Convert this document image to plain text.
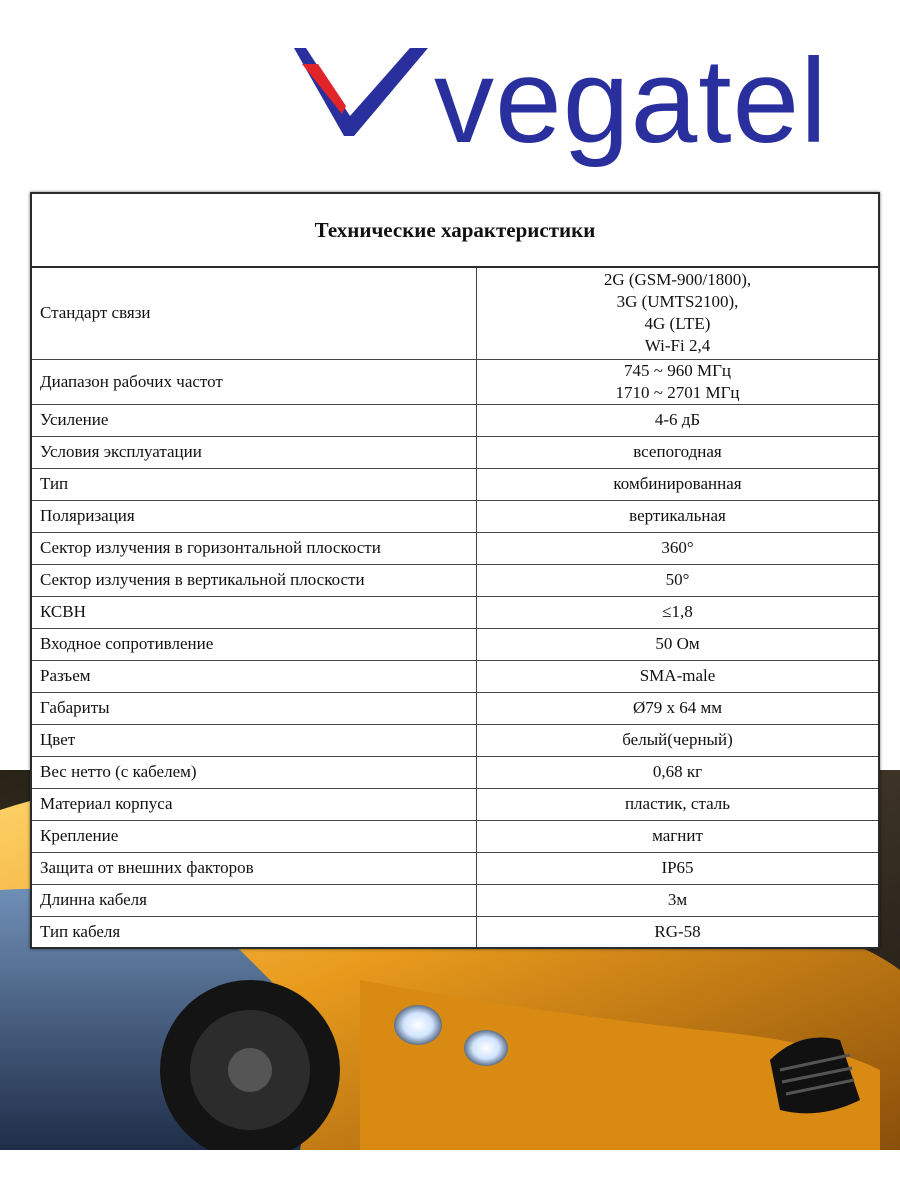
vegatel
Технические характеристики
Стандарт связи	2G (GSM-900/1800),
3G (UMTS2100),
4G (LTE)
Wi-Fi 2,4
Диапазон рабочих частот	745 ~ 960 МГц
1710 ~ 2701 МГц
Усиление	4-6 дБ
Условия эксплуатации	всепогодная
Тип	комбинированная
Поляризация	вертикальная
Сектор излучения в горизонтальной плоскости	360°
Сектор излучения в вертикальной плоскости	50°
КСВН	≤1,8
Входное сопротивление	50 Ом
Разъем	SMA-male
Габариты	Ø79 x 64 мм
Цвет	белый(черный)
Вес нетто (с кабелем)	0,68 кг
Материал корпуса	пластик, сталь
Крепление	магнит
Защита от внешних факторов	IP65
Длинна кабеля	3м
Тип кабеля	RG-58
